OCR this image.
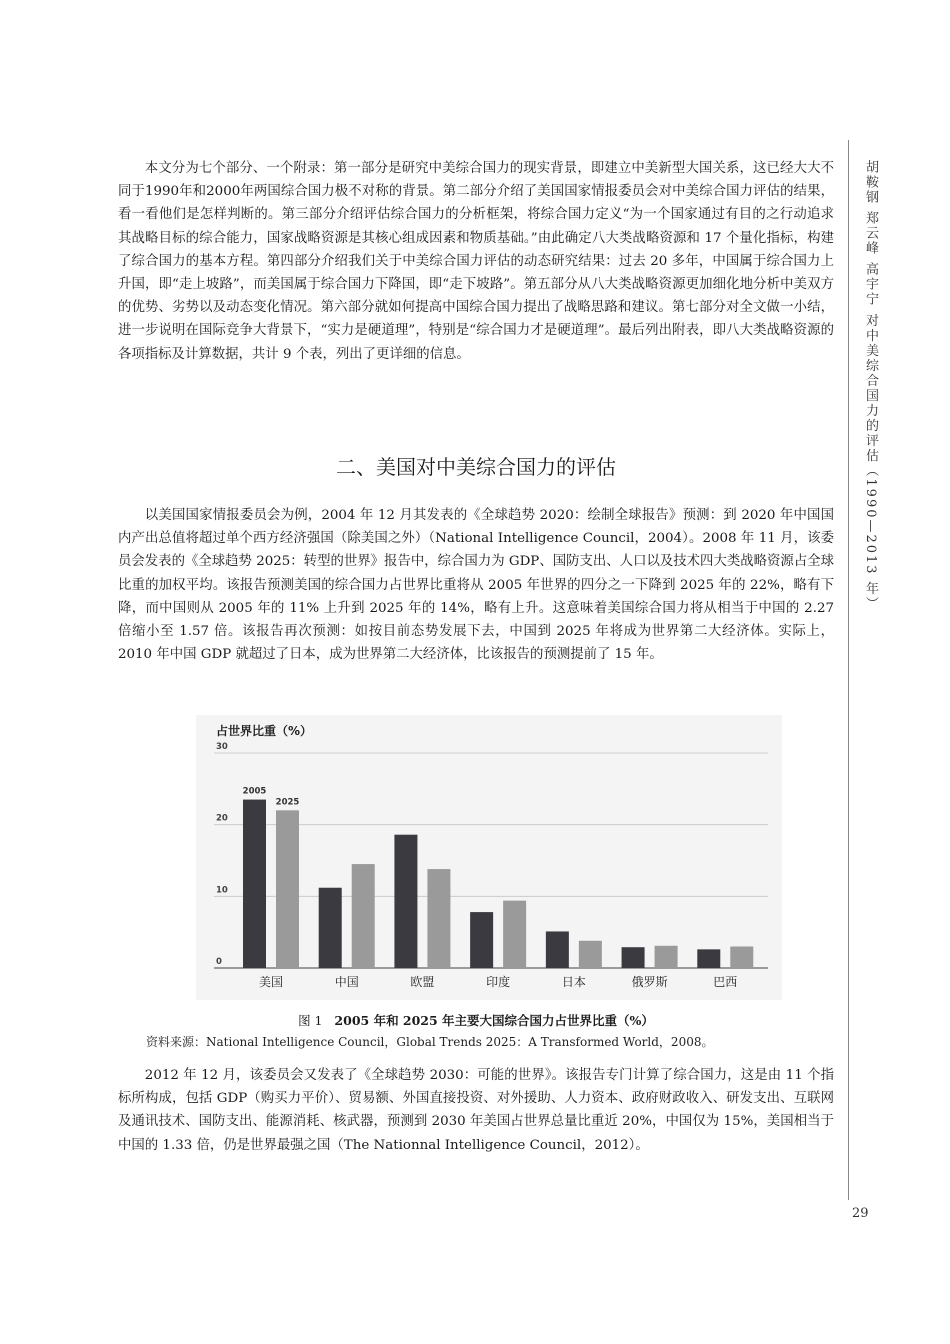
本文分为七个部分、一个附录：第一部分是研究中美综合国力的现实背景，即建立中美新型大国关系，这已经大大不同于1990年和2000年两国综合国力极不对称的背景。第二部分介绍了美国国家情报委员会对中美综合国力评估的结果，看一看他们是怎样判断的。第三部分介绍评估综合国力的分析框架，将综合国力定义“为一个国家通过有目的之行动追求其战略目标的综合能力，国家战略资源是其核心组成因素和物质基础。”由此确定八大类战略资源和 17 个量化指标，构建了综合国力的基本方程。第四部分介绍我们关于中美综合国力评估的动态研究结果：过去 20 多年，中国属于综合国力上升国，即“走上坡路”，而美国属于综合国力下降国，即“走下坡路”。第五部分从八大类战略资源更加细化地分析中美双方的优势、劣势以及动态变化情况。第六部分就如何提高中国综合国力提出了战略思路和建议。第七部分对全文做一小结，进一步说明在国际竞争大背景下，“实力是硬道理”，特别是“综合国力才是硬道理”。最后列出附表，即八大类战略资源的各项指标及计算数据，共计 9 个表，列出了更详细的信息。

二、美国对中美综合国力的评估

以美国国家情报委员会为例，2004 年 12 月其发表的《全球趋势 2020：绘制全球报告》预测：到 2020 年中国国内产出总值将超过单个西方经济强国（除美国之外）（National Intelligence Council，2004）。2008 年 11 月，该委员会发表的《全球趋势 2025：转型的世界》报告中，综合国力为 GDP、国防支出、人口以及技术四大类战略资源占全球比重的加权平均。该报告预测美国的综合国力占世界比重将从 2005 年世界的四分之一下降到 2025 年的 22%，略有下降，而中国则从 2005 年的 11% 上升到 2025 年的 14%，略有上升。这意味着美国综合国力将从相当于中国的 2.27 倍缩小至 1.57 倍。该报告再次预测：如按目前态势发展下去，中国到 2025 年将成为世界第二大经济体。实际上，2010 年中国 GDP 就超过了日本，成为世界第二大经济体，比该报告的预测提前了 15 年。

占世界比重（%）
0
10
20
30
2005
2025
美国	中国	欧盟	印度	日本	俄罗斯	巴西
图 1 2005 年和 2025 年主要大国综合国力占世界比重（%）
资料来源：National Intelligence Council，Global Trends 2025：A Transformed World，2008。

2012 年 12 月，该委员会又发表了《全球趋势 2030：可能的世界》。该报告专门计算了综合国力，这是由 11 个指标所构成，包括 GDP（购买力平价）、贸易额、外国直接投资、对外援助、人力资本、政府财政收入、研发支出、互联网及通讯技术、国防支出、能源消耗、核武器，预测到 2030 年美国占世界总量比重近 20%，中国仅为 15%，美国相当于中国的 1.33 倍，仍是世界最强之国（The Nationnal Intelligence Council，2012）。

胡鞍钢 郑云峰 高宇宁 对中美综合国力的评估（1990—2013 年）
29
